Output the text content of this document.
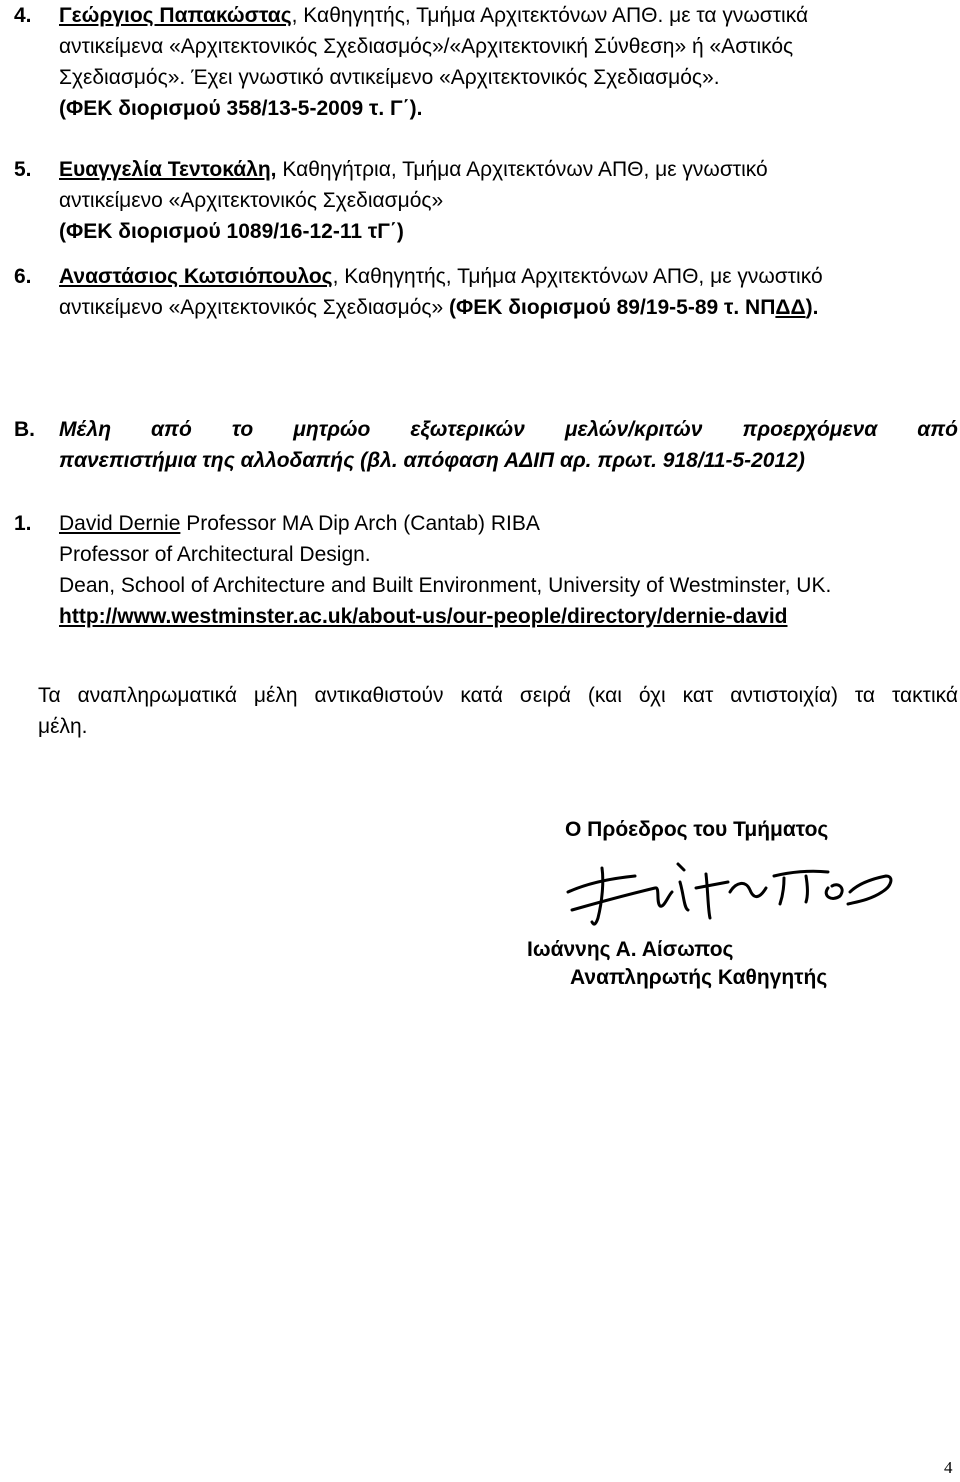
4. Γεώργιος Παπακώστας, Καθηγητής, Τμήμα Αρχιτεκτόνων ΑΠΘ. με τα γνωστικά
αντικείμενα «Αρχιτεκτονικός Σχεδιασμός»/«Αρχιτεκτονική Σύνθεση» ή «Αστικός
Σχεδιασμός». Έχει γνωστικό αντικείμενο «Αρχιτεκτονικός Σχεδιασμός».
(ΦΕΚ διορισμού 358/13-5-2009 τ. Γ΄).
5. Ευαγγελία Τεντοκάλη, Καθηγήτρια, Τμήμα Αρχιτεκτόνων ΑΠΘ, με γνωστικό
αντικείμενο «Αρχιτεκτονικός Σχεδιασμός»
(ΦΕΚ διορισμού 1089/16-12-11 τΓ΄)
6. Αναστάσιος Κωτσιόπουλος, Καθηγητής, Τμήμα Αρχιτεκτόνων ΑΠΘ, με γνωστικό
αντικείμενο «Αρχιτεκτονικός Σχεδιασμός» (ΦΕΚ διορισμού 89/19-5-89 τ. ΝΠΔΔ).
Β. Μέλη από το μητρώο εξωτερικών μελών/κριτών προερχόμενα από
πανεπιστήμια της αλλοδαπής (βλ. απόφαση ΑΔΙΠ αρ. πρωτ. 918/11-5-2012)
1. David Dernie Professor MA Dip Arch (Cantab) RIBA
Professor of Architectural Design.
Dean, School of Architecture and Built Environment, University of Westminster, UK.
http://www.westminster.ac.uk/about-us/our-people/directory/dernie-david
Τα αναπληρωματικά μέλη αντικαθιστούν κατά σειρά (και όχι κατ αντιστοιχία) τα τακτικά
μέλη.
Ο Πρόεδρος του Τμήματος
Ιωάννης Α. Αίσωπος
Αναπληρωτής Καθηγητής
4
